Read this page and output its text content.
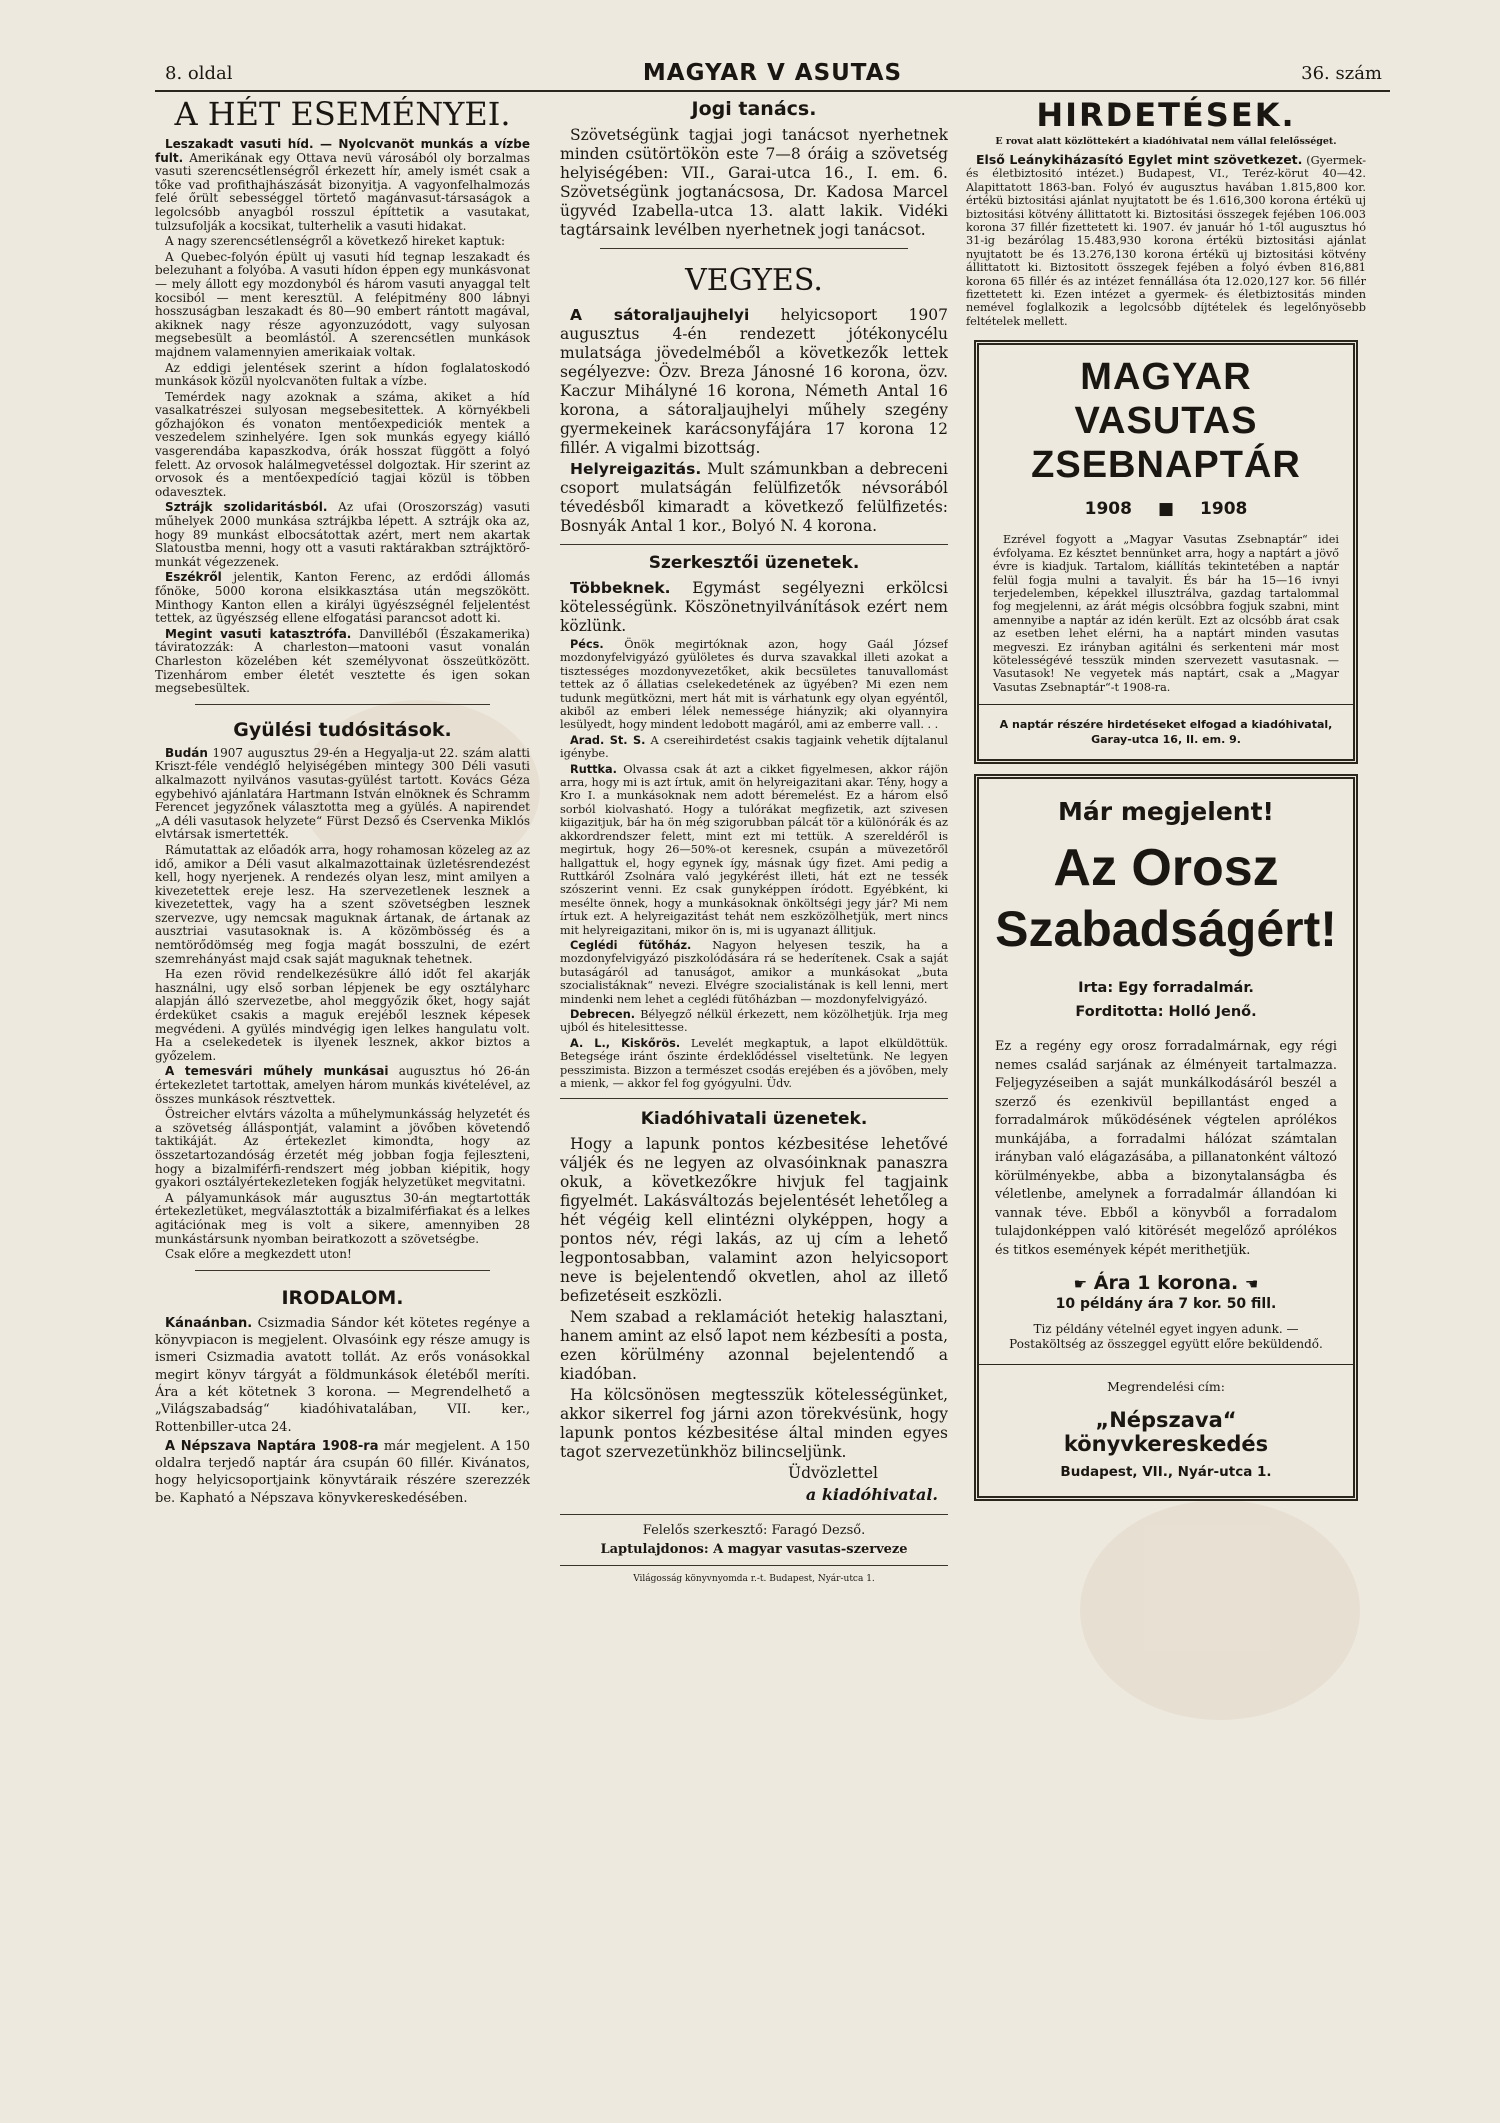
8. oldal	MAGYAR V ASUTAS	36. szám
A HÉT ESEMÉNYEI.

Leszakadt vasuti híd. — Nyolcvanöt munkás a vízbe fult. Amerikának egy Ottava nevü városából oly borzalmas vasuti szerencsétlenségről érkezett hír, amely ismét csak a tőke vad profithajhászását bizonyitja. A vagyonfelhalmozás felé őrült sebességgel törtető magánvasut-társaságok a legolcsóbb anyagból rosszul építtetik a vasutakat, tulzsufolják a kocsikat, tulterhelik a vasuti hidakat.

A nagy szerencsétlenségről a következő hireket kaptuk:

A Quebec-folyón épült uj vasuti híd tegnap leszakadt és belezuhant a folyóba. A vasuti hídon éppen egy munkásvonat — mely állott egy mozdonyból és három vasuti anyaggal telt kocsiból — ment keresztül. A felépitmény 800 lábnyi hosszuságban leszakadt és 80—90 embert rántott magával, akiknek nagy része agyonzuzódott, vagy sulyosan megsebesült a beomlástól. A szerencsétlen munkások majdnem valamennyien amerikaiak voltak.

Az eddigi jelentések szerint a hídon foglalatoskodó munkások közül nyolcvanöten fultak a vízbe.

Temérdek nagy azoknak a száma, akiket a híd vasalkatrészei sulyosan megsebesitettek. A környékbeli gőzhajókon és vonaton mentőexpediciók mentek a veszedelem szinhelyére. Igen sok munkás egyegy kiálló vasgerendába kapaszkodva, órák hosszat függött a folyó felett. Az orvosok halálmegvetéssel dolgoztak. Hir szerint az orvosok és a mentőexpedíció tagjai közül is többen odavesztek.

Sztrájk szolidaritásból. Az ufai (Oroszország) vasuti műhelyek 2000 munkása sztrájkba lépett. A sztrájk oka az, hogy 89 munkást elbocsátottak azért, mert nem akartak Slatoustba menni, hogy ott a vasuti raktárakban sztrájktörő-munkát végezzenek.

Eszékről jelentik, Kanton Ferenc, az erdődi állomás főnöke, 5000 korona elsikkasztása után megszökött. Minthogy Kanton ellen a királyi ügyészségnél feljelentést tettek, az ügyészség ellene elfogatási parancsot adott ki.

Megint vasuti katasztrófa. Danvilléből (Északamerika) táviratozzák: A charleston—matooni vasut vonalán Charleston közelében két személyvonat összeütközött. Tizenhárom ember életét vesztette és igen sokan megsebesültek.

Gyülési tudósitások.

Budán 1907 augusztus 29-én a Hegyalja-ut 22. szám alatti Kriszt-féle vendéglő helyiségében mintegy 300 Déli vasuti alkalmazott nyilvános vasutas-gyülést tartott. Kovács Géza egybehivó ajánlatára Hartmann István elnöknek és Schramm Ferencet jegyzőnek választotta meg a gyülés. A napirendet „A déli vasutasok helyzete“ Fürst Dezső és Cservenka Miklós elvtársak ismertették.

Rámutattak az előadók arra, hogy rohamosan közeleg az az idő, amikor a Déli vasut alkalmazottainak üzletésrendezést kell, hogy nyerjenek. A rendezés olyan lesz, mint amilyen a kivezetettek ereje lesz. Ha szervezetlenek lesznek a kivezetettek, vagy ha a szent szövetségben lesznek szervezve, ugy nemcsak maguknak ártanak, de ártanak az ausztriai vasutasoknak is. A közömbösség és a nemtörődömség meg fogja magát bosszulni, de ezért szemrehányást majd csak saját maguknak tehetnek.

Ha ezen rövid rendelkezésükre álló időt fel akarják használni, ugy első sorban lépjenek be egy osztályharc alapján álló szervezetbe, ahol meggyőzik őket, hogy saját érdeküket csakis a maguk erejéből lesznek képesek megvédeni. A gyülés mindvégig igen lelkes hangulatu volt. Ha a cselekedetek is ilyenek lesznek, akkor biztos a győzelem.

A temesvári műhely munkásai augusztus hó 26-án értekezletet tartottak, amelyen három munkás kivételével, az összes munkások résztvettek.

Östreicher elvtárs vázolta a műhelymunkásság helyzetét és a szövetség álláspontját, valamint a jövőben követendő taktikáját. Az értekezlet kimondta, hogy az összetartozandóság érzetét még jobban fogja fejleszteni, hogy a bizalmiférfi-rendszert még jobban kiépitik, hogy gyakori osztályértekezleteken fogják helyzetüket megvitatni.

A pályamunkások már augusztus 30-án megtartották értekezletüket, megválasztották a bizalmiférfiakat és a lelkes agitációnak meg is volt a sikere, amennyiben 28 munkástársunk nyomban beiratkozott a szövetségbe.

Csak előre a megkezdett uton!

IRODALOM.

Kánaánban. Csizmadia Sándor két kötetes regénye a könyvpiacon is megjelent. Olvasóink egy része amugy is ismeri Csizmadia avatott tollát. Az erős vonásokkal megirt könyv tárgyát a földmunkások életéből meríti. Ára a két kötetnek 3 korona. — Megrendelhető a „Világszabadság“ kiadóhivatalában, VII. ker., Rottenbiller-utca 24.

A Népszava Naptára 1908-ra már megjelent. A 150 oldalra terjedő naptár ára csupán 60 fillér. Kivánatos, hogy helyicsoportjaink könyvtáraik részére szerezzék be. Kapható a Népszava könyvkereskedésében.

Jogi tanács.

Szövetségünk tagjai jogi tanácsot nyerhetnek minden csütörtökön este 7—8 óráig a szövetség helyiségében: VII., Garai-utca 16., I. em. 6. Szövetségünk jogtanácsosa, Dr. Kadosa Marcel ügyvéd Izabella-utca 13. alatt lakik. Vidéki tagtársaink levélben nyerhetnek jogi tanácsot.

VEGYES.

A sátoraljaujhelyi helyicsoport 1907 augusztus 4-én rendezett jótékonycélu mulatsága jövedelméből a következők lettek segélyezve: Özv. Breza Jánosné 16 korona, özv. Kaczur Mihályné 16 korona, Németh Antal 16 korona, a sátoraljaujhelyi műhely szegény gyermekeinek karácsonyfájára 17 korona 12 fillér. A vigalmi bizottság.

Helyreigazitás. Mult számunkban a debreceni csoport mulatságán felülfizetők névsorából tévedésből kimaradt a következő felülfizetés: Bosnyák Antal 1 kor., Bolyó N. 4 korona.

Szerkesztői üzenetek.

Többeknek. Egymást segélyezni erkölcsi kötelességünk. Köszönetnyilvánítások ezért nem közlünk.

Pécs. Önök megirtóknak azon, hogy Gaál József mozdonyfelvigyázó gyülöletes és durva szavakkal illeti azokat a tisztességes mozdonyvezetőket, akik becsületes tanuvallomást tettek az ő állatias cselekedetének az ügyében? Mi ezen nem tudunk megütközni, mert hát mit is várhatunk egy olyan egyéntől, akiből az emberi lélek nemessége hiányzik; aki olyannyira lesülyedt, hogy mindent ledobott magáról, ami az emberre vall. . .

Arad. St. S. A csereihirdetést csakis tagjaink vehetik díjtalanul igénybe.

Ruttka. Olvassa csak át azt a cikket figyelmesen, akkor rájön arra, hogy mi is azt írtuk, amit ön helyreigazitani akar. Tény, hogy a Kro I. a munkásoknak nem adott béremelést. Ez a három első sorból kiolvasható. Hogy a tulórákat megfizetik, azt szivesen kiigazitjuk, bár ha ön még szigorubban pálcát tör a különórák és az akkordrendszer felett, mint ezt mi tettük. A szereldéről is megirtuk, hogy 26—50%-ot keresnek, csupán a müvezetőről hallgattuk el, hogy egynek így, másnak úgy fizet. Ami pedig a Ruttkáról Zsolnára való jegykérést illeti, hát ezt ne tessék szószerint venni. Ez csak gunyképpen íródott. Egyébként, ki meséltе önnek, hogy a munkásoknak önköltségi jegy jár? Mi nem írtuk ezt. A helyreigazitást tehát nem eszközölhetjük, mert nincs mit helyreigazitani, mikor ön is, mi is ugyanazt állitjuk.

Ceglédi fütőház. Nagyon helyesen teszik, ha a mozdonyfelvigyázó piszkolódására rá se hederítenek. Csak a saját butaságáról ad tanuságot, amikor a munkásokat „buta szocialistáknak“ nevezi. Elvégre szocialistának is kell lenni, mert mindenki nem lehet a ceglédi fütőházban — mozdonyfelvigyázó.

Debrecen. Bélyegző nélkül érkezett, nem közölhetjük. Irja meg ujból és hitelesittesse.

A. L., Kiskőrös. Levelét megkaptuk, a lapot elküldöttük. Betegsége iránt őszinte érdeklődéssel viseltetünk. Ne legyen pesszimista. Bizzon a természet csodás erejében és a jövőben, mely a mienk, — akkor fel fog gyógyulni. Üdv.

Kiadóhivatali üzenetek.

Hogy a lapunk pontos kézbesitése lehetővé váljék és ne legyen az olvasóinknak panaszra okuk, a következőkre hivjuk fel tagjaink figyelmét. Lakásváltozás bejelentését lehetőleg a hét végéig kell elintézni olyképpen, hogy a pontos név, régi lakás, az uj cím a lehető legpontosabban, valamint azon helyicsoport neve is bejelentendő okvetlen, ahol az illető befizetéseit eszközli.

Nem szabad a reklamációt hetekig halasztani, hanem amint az első lapot nem kézbesíti a posta, ezen körülmény azonnal bejelentendő a kiadóban.

Ha kölcsönösen megtesszük kötelességünket, akkor sikerrel fog járni azon törekvésünk, hogy lapunk pontos kézbesitése által minden egyes tagot szervezetünkhöz bilincseljünk.

Üdvözlettel

a kiadóhivatal.
Felelős szerkesztő: Faragó Dezső.
Laptulajdonos: A magyar vasutas-szerveze
Világosság könyvnyomda r.-t. Budapest, Nyár-utca 1.
HIRDETÉSEK.
E rovat alatt közlöttekért a kiadóhivatal nem vállal felelősséget.

Első Leánykiházasító Egylet mint szövetkezet. (Gyermek- és életbiztositó intézet.) Budapest, VI., Teréz-körut 40—42. Alapittatott 1863-ban. Folyó év augusztus havában 1.815,800 kor. értékü biztositási ajánlat nyujtatott be és 1.616,300 korona értékü uj biztositási kötvény állittatott ki. Biztositási összegek fejében 106.003 korona 37 fillér fizettetett ki. 1907. év január hó 1-től augusztus hó 31-ig bezárólag 15.483,930 korona értékü biztositási ajánlat nyujtatott be és 13.276,130 korona értékü uj biztositási kötvény állittatott ki. Biztositott összegek fejében a folyó évben 816,881 korona 65 fillér és az intézet fennállása óta 12.020,127 kor. 56 fillér fizettetett ki. Ezen intézet a gyermek- és életbiztositás minden nemével foglalkozik a legolcsóbb díjtételek és legelőnyösebb feltételek mellett.

MAGYAR VASUTAS
ZSEBNAPTÁR
1908 ■ 1908

Ezrével fogyott a „Magyar Vasutas Zsebnaptár“ idei évfolyama. Ez késztet bennünket arra, hogy a naptárt a jövő évre is kiadjuk. Tartalom, kiállítás tekintetében a naptár felül fogja mulni a tavalyit. És bár ha 15—16 ivnyi terjedelemben, képekkel illusztrálva, gazdag tartalommal fog megjelenni, az árát mégis olcsóbbra fogjuk szabni, mint amennyibe a naptár az idén került. Ezt az olcsóbb árat csak az esetben lehet elérni, ha a naptárt minden vasutas megveszi. Ez irányban agitálni és serkenteni már most kötelességévé tesszük minden szervezett vasutasnak. — Vasutasok! Ne vegyetek más naptárt, csak a „Magyar Vasutas Zsebnaptár“-t 1908-ra.

A naptár részére hirdetéseket elfogad a kiadóhivatal, Garay-utca 16, II. em. 9.
Már megjelent!
Az Orosz
Szabadságért!
Irta: Egy forradalmár.
Forditotta: Holló Jenő.

Ez a regény egy orosz forradalmárnak, egy régi nemes család sarjának az élményeit tartalmazza. Feljegyzéseiben a saját munkálkodásáról beszél a szerző és ezenkivül bepillantást enged a forradalmárok működésének végtelen aprólékos munkájába, a forradalmi hálózat számtalan irányban való elágazásába, a pillanatonként változó körülményekbe, abba a bizonytalanságba és véletlenbe, amelynek a forradalmár állandóan ki vannak téve. Ebből a könyvből a forradalom tulajdonképpen való kitörését megelőző aprólékos és titkos események képét merithetjük.

☛ Ára 1 korona. ☚
10 példány ára 7 kor. 50 fill.
Tiz példány vételnél egyet ingyen adunk. — Postaköltség az összeggel együtt előre beküldendő.
Megrendelési cím:
„Népszava“ könyvkereskedés
Budapest, VII., Nyár-utca 1.
